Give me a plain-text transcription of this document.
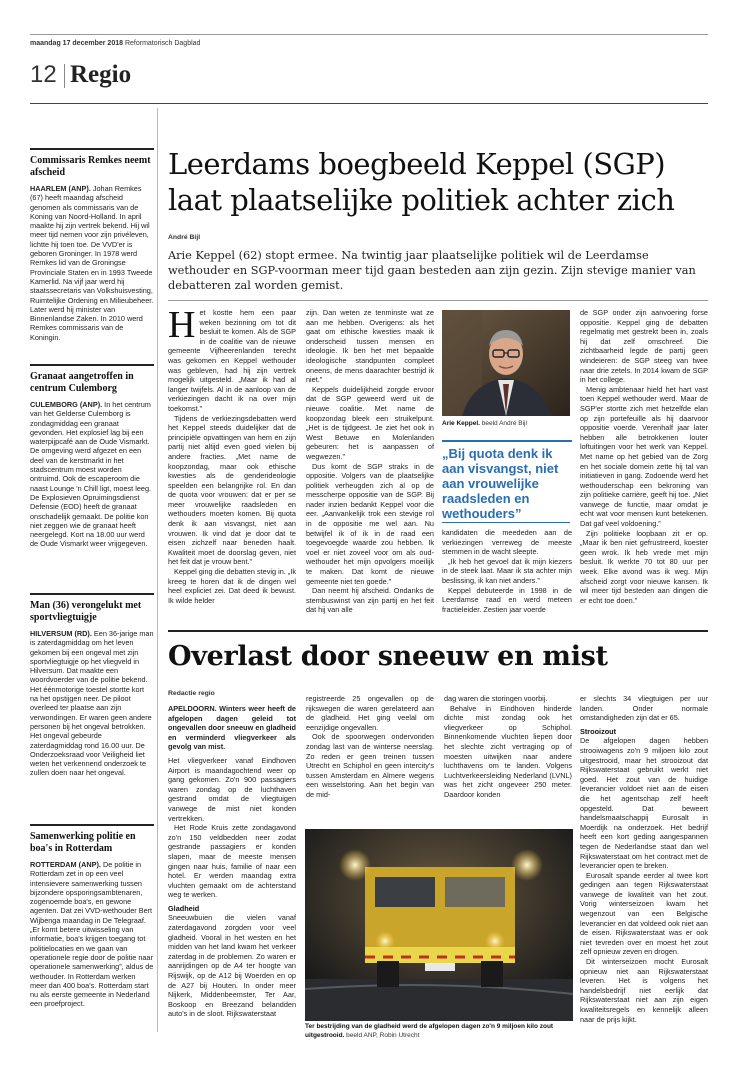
maandag 17 december 2018 Reformatorisch Dagblad
12 Regio
Commissaris Remkes neemt afscheid

HAARLEM (ANP). Johan Remkes (67) heeft maandag afscheid genomen als commissaris van de Koning van Noord-Holland. In april maakte hij zijn vertrek bekend. Hij wil meer tijd nemen voor zijn privéleven, lichtte hij toen toe. De VVD'er is geboren Groninger. In 1978 werd Remkes lid van de Groningse Provinciale Staten en in 1993 Tweede Kamerlid. Na vijf jaar werd hij staatssecretaris van Volkshuisvesting, Ruimtelijke Ordening en Milieubeheer. Later werd hij minister van Binnenlandse Zaken. In 2010 werd Remkes commissaris van de Koningin.

Granaat aangetroffen in centrum Culemborg

CULEMBORG (ANP). In het centrum van het Gelderse Culemborg is zondagmiddag een granaat gevonden. Het explosief lag bij een waterpijpcafé aan de Oude Vismarkt. De omgeving werd afgezet en een deel van de kerstmarkt in het stadscentrum moest worden ontruimd. Ook de escaperoom die naast Lounge 'n Chill ligt, moest leeg. De Explosieven Opruimingsdienst Defensie (EOD) heeft de granaat onschadelijk gemaakt. De politie kon niet zeggen wie de granaat heeft neergelegd. Kort na 18.00 uur werd de Oude Vismarkt weer vrijgegeven.

Man (36) verongelukt met sportvliegtuigje

HILVERSUM (RD). Een 36-jarige man is zaterdagmiddag om het leven gekomen bij een ongeval met zijn sportvliegtuigje op het vliegveld in Hilversum. Dat maakte een woordvoerder van de politie bekend. Het éénmotorige toestel stortte kort na het opstijgen neer. De piloot overleed ter plaatse aan zijn verwondingen. Er waren geen andere personen bij het ongeval betrokken. Het ongeval gebeurde zaterdagmiddag rond 16.00 uur. De Onderzoeksraad voor Veiligheid liet weten het verkennend onderzoek te zullen doen naar het ongeval.

Samenwerking politie en boa's in Rotterdam

ROTTERDAM (ANP). De politie in Rotterdam zet in op een veel intensievere samenwerking tussen bijzondere opsporingsambtenaren, zogenoemde boa's, en gewone agenten. Dat zei VVD-wethouder Bert Wijbenga maandag in De Telegraaf. „Er komt betere uitwisseling van informatie, boa's krijgen toegang tot politielocaties en we gaan van operationele regie door de politie naar operationele samenwerking”, aldus de wethouder. In Rotterdam werken meer dan 400 boa's. Rotterdam start nu als eerste gemeente in Nederland een proefproject.

Leerdams boegbeeld Keppel (SGP)
laat plaatselijke politiek achter zich
André Bijl
Arie Keppel (62) stopt ermee. Na twintig jaar plaatselijke politiek wil de Leerdamse wethouder en SGP-voorman meer tijd gaan besteden aan zijn gezin. Zijn stevige manier van debatteren zal worden gemist.
Het kostte hem een paar weken bezinning om tot dit besluit te komen. Als de SGP in de coalitie van de nieuwe gemeente Vijfheerenlanden terecht was gekomen en Keppel wethouder was gebleven, had hij zijn vertrek mogelijk uitgesteld. „Maar ik had al langer twijfels. Al in de aanloop van de verkiezingen dacht ik na over mijn toekomst.”
Tijdens de verkiezingsdebatten werd het Keppel steeds duidelijker dat de principiële opvattingen van hem en zijn partij niet altijd even goed vielen bij andere fracties. „Met name de koopzondag, maar ook ethische kwesties als de genderideologie speelden een belangrijke rol. En dan de quota voor vrouwen: dat er per se meer vrouwelijke raadsleden en wethouders moeten komen. Bij quota denk ik aan visvangst, niet aan vrouwen. Ik vind dat je door dat te eisen zichzelf naar beneden haalt. Kwaliteit moet de doorslag geven, niet het feit dat je vrouw bent.”
Keppel ging die debatten stevig in. „Ik kreeg te horen dat ik de dingen wel heel expliciet zei. Dat deed ik bewust. Ik wilde helder
zijn. Dan weten ze tenminste wat ze aan me hebben. Overigens: als het gaat om ethische kwesties maak ik onderscheid tussen mensen en ideologie. Ik ben het met bepaalde ideologische standpunten compleet oneens, de mens daarachter bestrijd ik niet.”
Keppels duidelijkheid zorgde ervoor dat de SGP geweerd werd uit de nieuwe coalitie. Met name de koopzondag bleek een struikelpunt. „Het is de tijdgeest. Je ziet het ook in West Betuwe en Molenlanden gebeuren: het is aanpassen of wegwezen.”
Dus komt de SGP straks in de oppositie. Volgers van de plaatselijke politiek verheugden zich al op de messcherpe oppositie van de SGP. Bij nader inzien bedankt Keppel voor die eer. „Aanvankelijk trok een stevige rol in de oppositie me wel aan. Nu betwijfel ik of ik in de raad een toegevoegde waarde zou hebben. Ik voel er niet zoveel voor om als oud-wethouder het mijn opvolgers moeilijk te maken. Dat komt de nieuwe gemeente niet ten goede.”
Dan neemt hij afscheid. Ondanks de stembuswinst van zijn partij en het feit dat hij van alle
Arie Keppel. beeld André Bijl
„Bij quota denk ik aan visvangst, niet aan vrouwelijke raadsleden en wethouders”
kandidaten die meededen aan de verkiezingen verreweg de meeste stemmen in de wacht sleepte.
„Ik heb het gevoel dat ik mijn kiezers in de steek laat. Maar ik sta achter mijn beslissing, ik kan niet anders.”
Keppel debuteerde in 1998 in de Leerdamse raad en werd meteen fractieleider. Zestien jaar voerde
de SGP onder zijn aanvoering forse oppositie. Keppel ging de debatten regelmatig met gestrekt been in, zoals hij dat zelf omschreef. Die zichtbaarheid legde de partij geen windeieren: de SGP steeg van twee naar drie zetels. In 2014 kwam de SGP in het college.
Menig ambtenaar hield het hart vast toen Keppel wethouder werd. Maar de SGP'er stortte zich met hetzelfde elan op zijn portefeuille als hij daarvoor oppositie voerde. Verenhalf jaar later hebben alle betrokkenen louter loftuitingen voor het werk van Keppel. Met name op het gebied van de Zorg en het sociale domein zette hij tal van initiatieven in gang. Zodoende werd het wethouderschap een bekroning van zijn politieke carrière, geeft hij toe. „Niet vanwege de functie, maar omdat je echt wat voor mensen kunt betekenen. Dat gaf veel voldoening.”
Zijn politieke loopbaan zit er op. „Maar ik ben niet gefrustreerd, koester geen wrok. Ik heb vrede met mijn besluit. Ik werkte 70 tot 80 uur per week. Elke avond was ik weg. Mijn afscheid zorgt voor nieuwe kansen. Ik wil meer tijd besteden aan dingen die er echt toe doen.”
Overlast door sneeuw en mist
Redactie regio

APELDOORN. Winters weer heeft de afgelopen dagen geleid tot ongevallen door sneeuw en gladheid en verminderd vliegverkeer als gevolg van mist.

Het vliegverkeer vanaf Eindhoven Airport is maandagochtend weer op gang gekomen. Zo'n 900 passagiers waren zondag op de luchthaven gestrand omdat de vliegtuigen vanwege de mist niet konden vertrekken.
Het Rode Kruis zette zondagavond zo'n 150 veldbedden neer zodat gestrande passagiers er konden slapen, maar de meeste mensen gingen naar huis, familie of naar een hotel. Er werden maandag extra vluchten gemaakt om de achterstand weg te werken.

Gladheid

Sneeuwbuien die vielen vanaf zaterdagavond zorgden voor veel gladheid. Vooral in het westen en het midden van het land kwam het verkeer zaterdag in de problemen. Zo waren er aanrijdingen op de A4 ter hoogte van Rijswijk, op de A12 bij Woerden en op de A27 bij Houten. In onder meer Nijkerk, Middenbeemster, Ter Aar, Boskoop en Breezand belandden auto's in de sloot. Rijkswaterstaat
registreerde 25 ongevallen op de rijkswegen die waren gerelateerd aan de gladheid. Het ging veelal om eenzijdige ongevallen.
Ook de spoorwegen ondervonden zondag last van de winterse neerslag. Zo reden er geen treinen tussen Utrecht en Schiphol en geen intercity's tussen Amsterdam en Almere wegens een wisselstoring. Aan het begin van de mid-
dag waren die storingen voorbij.
Behalve in Eindhoven hinderde dichte mist zondag ook het vliegverkeer op Schiphol. Binnenkomende vluchten liepen door het slechte zicht vertraging op of moesten uitwijken naar andere luchthavens om te landen. Volgens Luchtverkeersleiding Nederland (LVNL) was het zicht ongeveer 250 meter. Daardoor konden
Ter bestrijding van de gladheid werd de afgelopen dagen zo'n 9 miljoen kilo zout uitgestrooid. beeld ANP, Robin Utrecht
er slechts 34 vliegtuigen per uur landen. Onder normale omstandigheden zijn dat er 65.

Strooizout

De afgelopen dagen hebben strooiwagens zo'n 9 miljoen kilo zout uitgestrooid, maar het strooizout dat Rijkswaterstaat gebruikt werkt niet goed. Het zout van de huidige leverancier voldoet niet aan de eisen die het agentschap zelf heeft opgesteld. Dat beweert handelsmaatschappij Eurosalt in Moerdijk na onderzoek. Het bedrijf heeft een kort geding aangespannen tegen de Nederlandse staat dan wel Rijkswaterstaat om het contract met de leverancier open te breken.
Eurosalt spande eerder al twee kort gedingen aan tegen Rijkswaterstaat vanwege de kwaliteit van het zout. Vorig winterseizoen kwam het wegenzout van een Belgische leverancier en dat voldeed ook niet aan de eisen. Rijkswaterstaat was er ook niet tevreden over en moest het zout zelf opnieuw zeven en drogen.
Dit winterseizoen mocht Eurosalt opnieuw niet aan Rijkswaterstaat leveren. Het is volgens het handelsbedrijf niet eerlijk dat Rijkswaterstaat niet aan zijn eigen kwaliteitsregels en kennelijk alleen naar de prijs kijkt.
